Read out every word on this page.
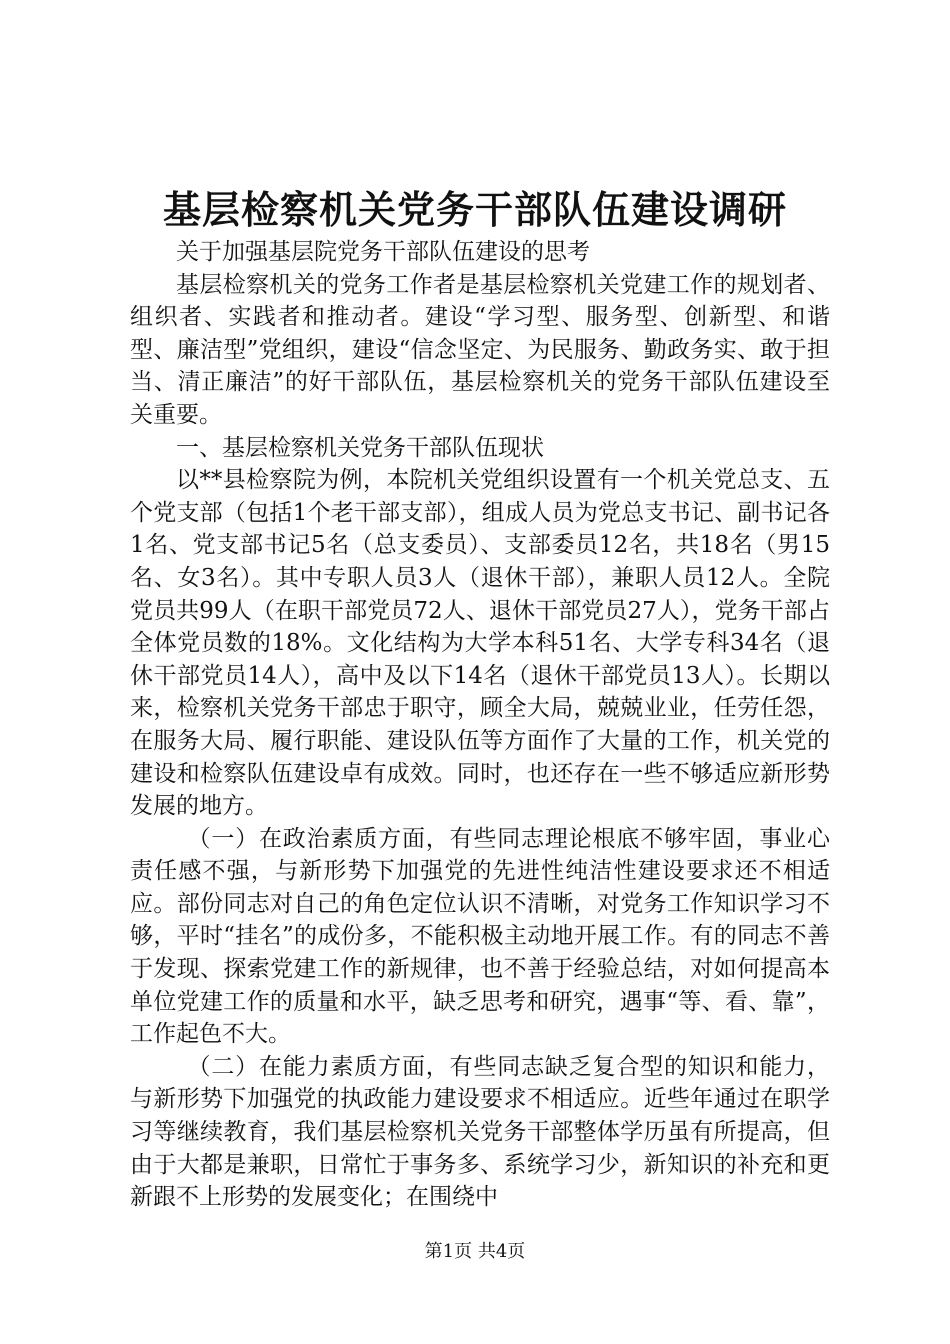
基层检察机关党务干部队伍建设调研

关于加强基层院党务干部队伍建设的思考

基层检察机关的党务工作者是基层检察机关党建工作的规划者、组织者、实践者和推动者。建设“学习型、服务型、创新型、和谐型、廉洁型”党组织，建设“信念坚定、为民服务、勤政务实、敢于担当、清正廉洁”的好干部队伍，基层检察机关的党务干部队伍建设至关重要。

一、基层检察机关党务干部队伍现状

以**县检察院为例，本院机关党组织设置有一个机关党总支、五个党支部（包括1个老干部支部），组成人员为党总支书记、副书记各1名、党支部书记5名（总支委员）、支部委员12名，共18名（男15名、女3名）。其中专职人员3人（退休干部），兼职人员12人。全院党员共99人（在职干部党员72人、退休干部党员27人），党务干部占全体党员数的18%。文化结构为大学本科51名、大学专科34名（退休干部党员14人），高中及以下14名（退休干部党员13人）。长期以来，检察机关党务干部忠于职守，顾全大局，兢兢业业，任劳任怨，在服务大局、履行职能、建设队伍等方面作了大量的工作，机关党的建设和检察队伍建设卓有成效。同时，也还存在一些不够适应新形势发展的地方。

（一）在政治素质方面，有些同志理论根底不够牢固，事业心责任感不强，与新形势下加强党的先进性纯洁性建设要求还不相适应。部份同志对自己的角色定位认识不清晰，对党务工作知识学习不够，平时“挂名”的成份多，不能积极主动地开展工作。有的同志不善于发现、探索党建工作的新规律，也不善于经验总结，对如何提高本单位党建工作的质量和水平，缺乏思考和研究，遇事“等、看、靠”，工作起色不大。

（二）在能力素质方面，有些同志缺乏复合型的知识和能力，与新形势下加强党的执政能力建设要求不相适应。近些年通过在职学习等继续教育，我们基层检察机关党务干部整体学历虽有所提高，但由于大都是兼职，日常忙于事务多、系统学习少，新知识的补充和更新跟不上形势的发展变化；在围绕中

第1页 共4页
